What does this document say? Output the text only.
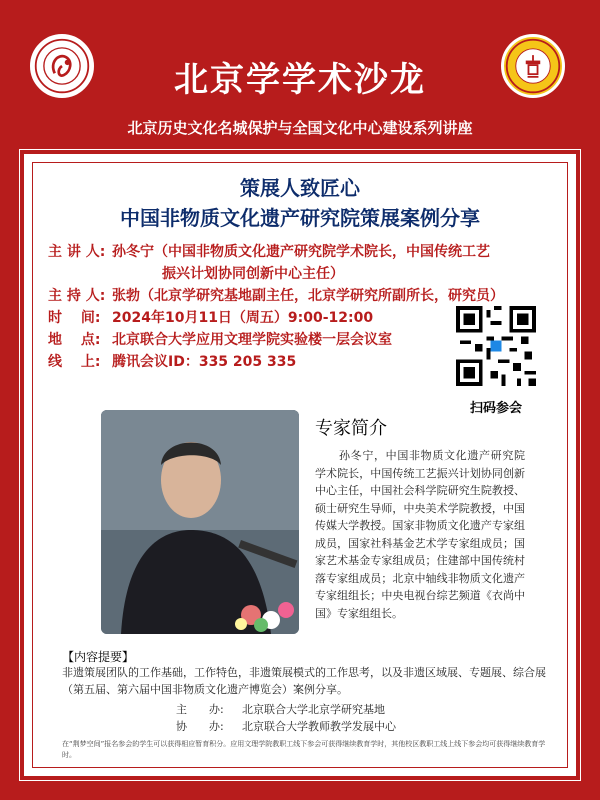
北京学学术沙龙
北京历史文化名城保护与全国文化中心建设系列讲座
策展人致匠心
中国非物质文化遗产研究院策展案例分享
主 讲 人: 孙冬宁（中国非物质文化遗产研究院学术院长，中国传统工艺
振兴计划协同创新中心主任）
主 持 人: 张勃（北京学研究基地副主任，北京学研究所副所长，研究员）
时　 间: 2024年10月11日（周五）9:00-12:00
地　 点: 北京联合大学应用文理学院实验楼一层会议室
线　 上: 腾讯会议ID：335 205 335
扫码参会
专家简介
孙冬宁，中国非物质文化遗产研究院学术院长，中国传统工艺振兴计划协同创新中心主任，中国社会科学院研究生院教授、硕士研究生导师，中央美术学院教授，中国传媒大学教授。国家非物质文化遗产专家组成员，国家社科基金艺术学专家组成员；国家艺术基金专家组成员；住建部中国传统村落专家组成员；北京中轴线非物质文化遗产专家组组长；中央电视台综艺频道《衣尚中国》专家组组长。
【内容提要】
非遗策展团队的工作基础，工作特色，非遗策展模式的工作思考，以及非遗区域展、专题展、综合展（第五届、第六届中国非物质文化遗产博览会）案例分享。
主　　办: 北京联合大学北京学研究基地
协　　办: 北京联合大学教师教学发展中心
在“荆梦空间”报名参会的学生可以获得相应暂育积分。应用文理学院教职工线下参会可获得继续教育学时，其他校区教职工线上线下参会均可获得继续教育学时。
